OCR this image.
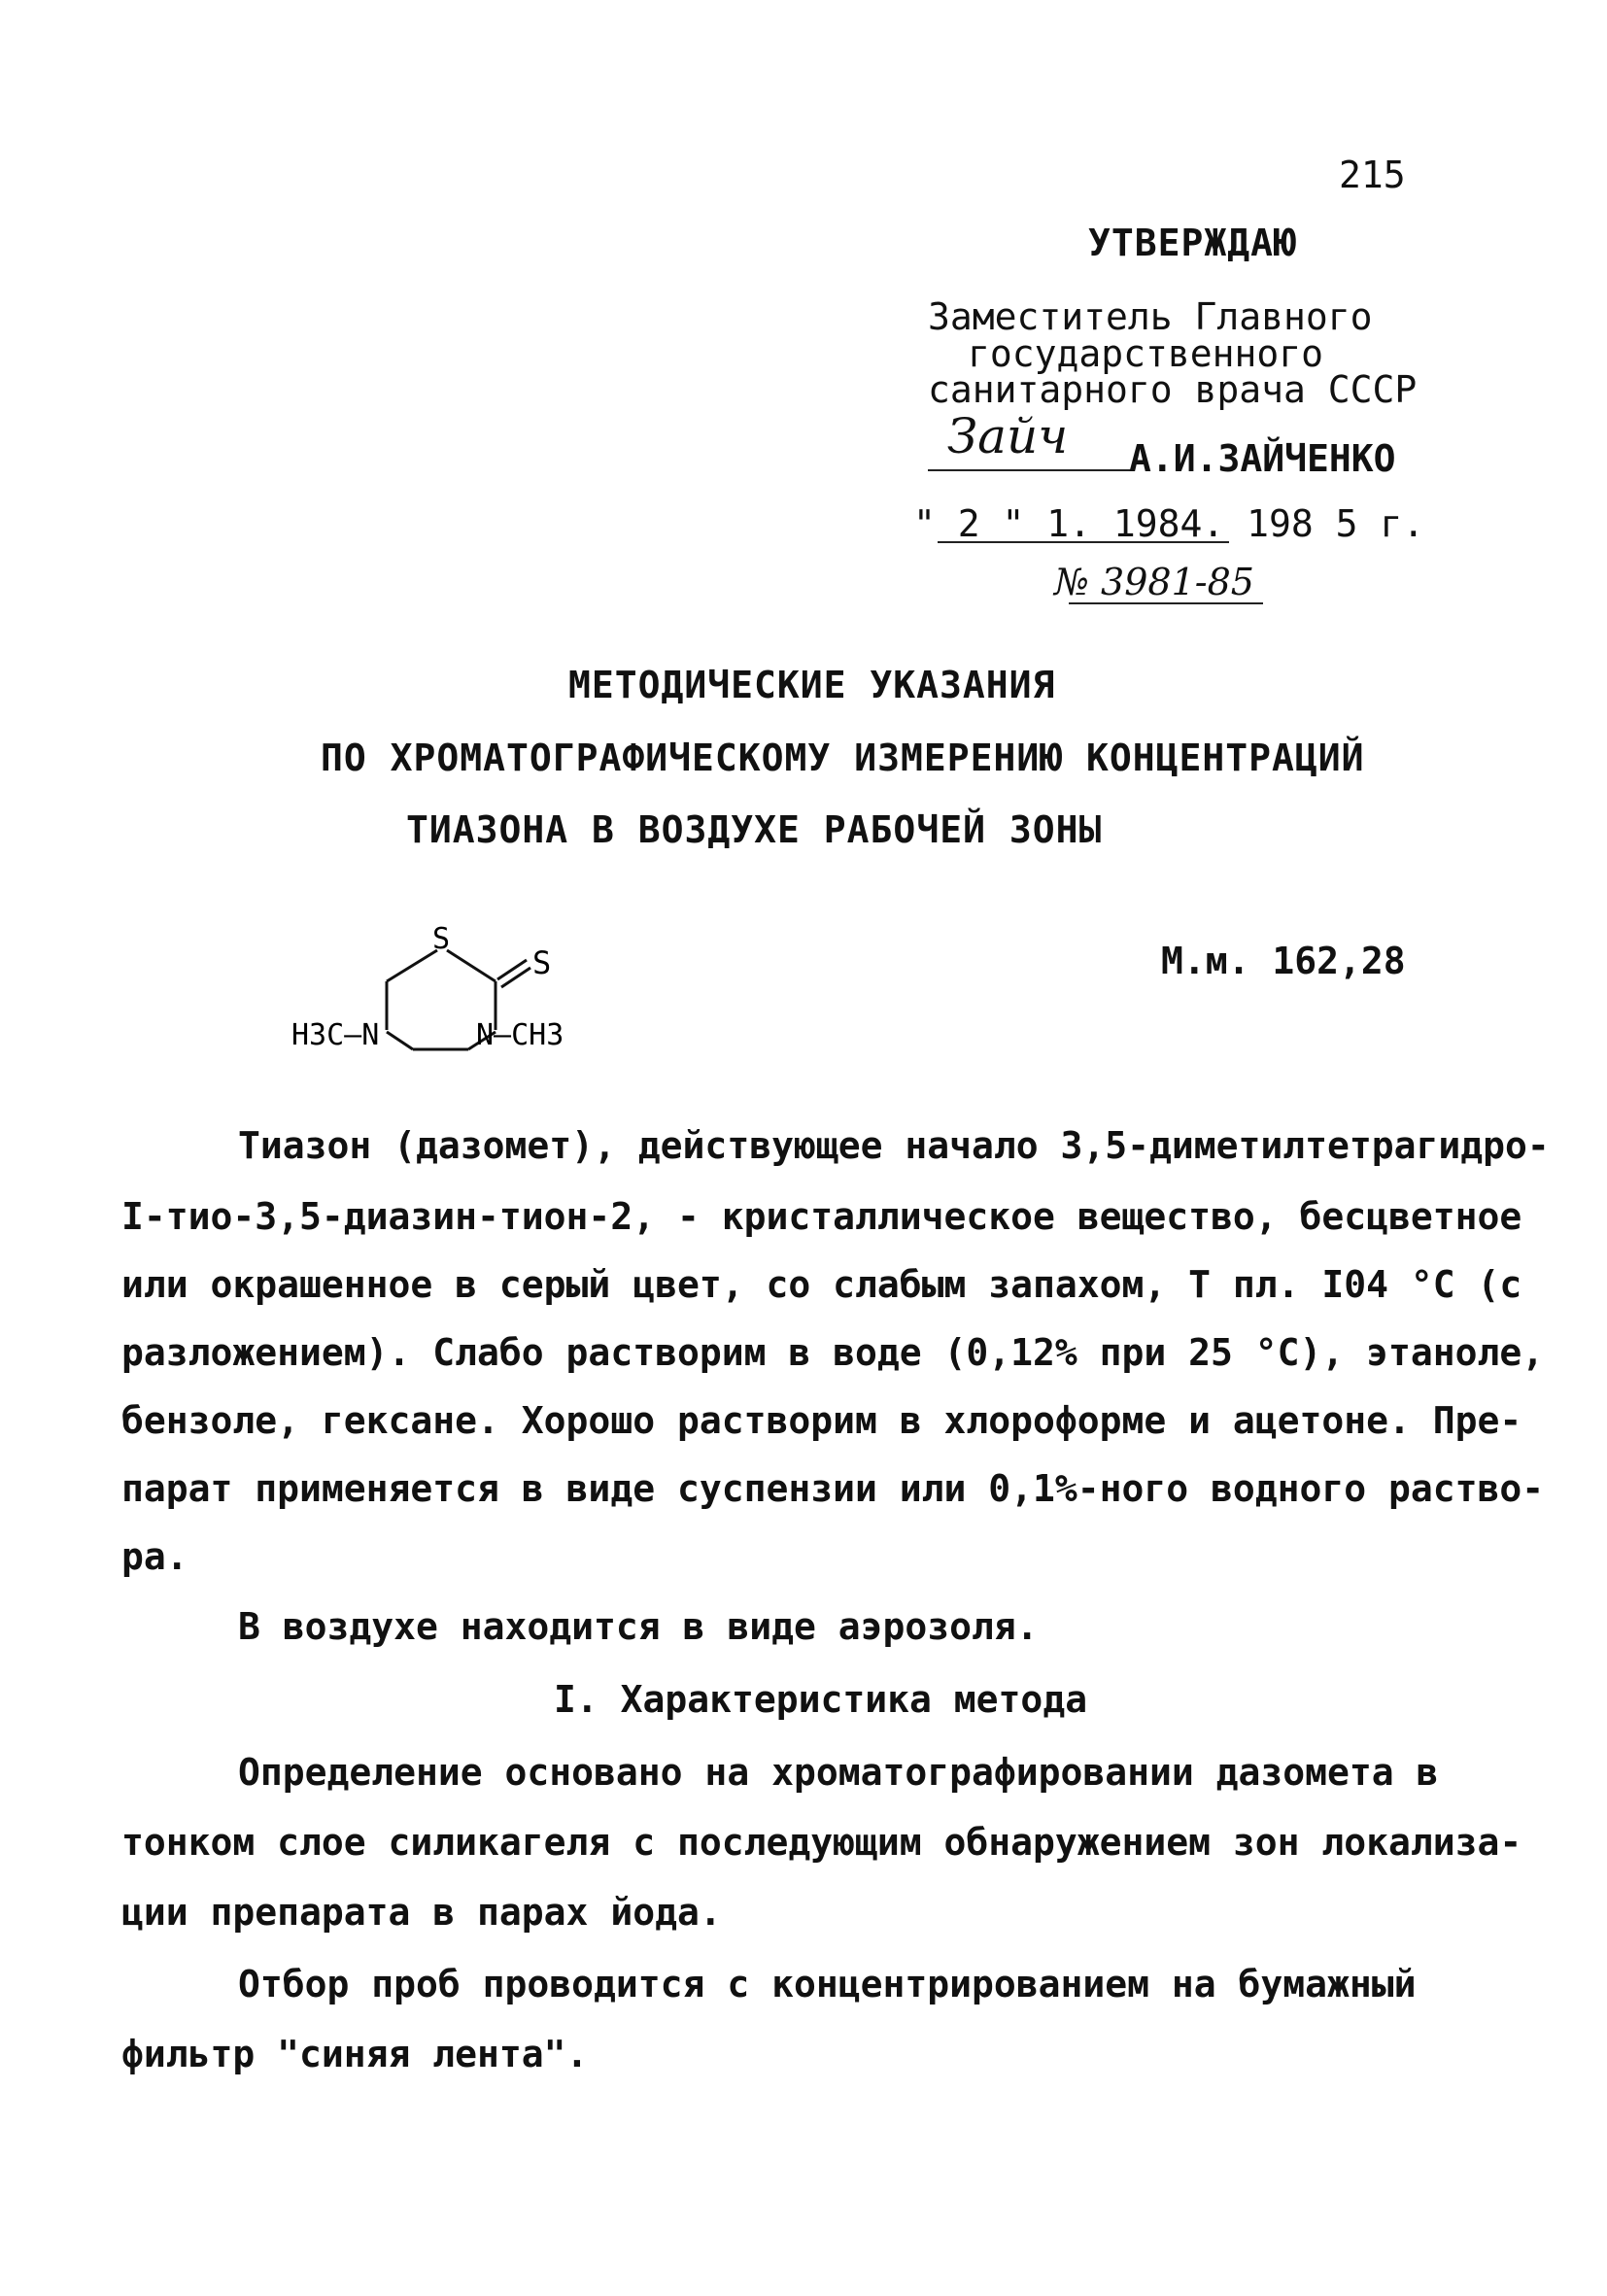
215
УТВЕРЖДАЮ
Заместитель Главного
государственного
санитарного врача СССР
Зайч А.И.ЗАЙЧЕНКО
" 2 " 1. 1984. 198 5 г.
№ 3981-85
МЕТОДИЧЕСКИЕ УКАЗАНИЯ
ПО ХРОМАТОГРАФИЧЕСКОМУ ИЗМЕРЕНИЮ КОНЦЕНТРАЦИЙ
ТИАЗОНА В ВОЗДУХЕ РАБОЧЕЙ ЗОНЫ
S
S
H3C—N	N—CH3
М.м. 162,28
Тиазон (дазомет), действующее начало 3,5-диметилтетрагидро-
I-тио-3,5-диазин-тион-2, - кристаллическое вещество, бесцветное
или окрашенное в серый цвет, со слабым запахом, Т пл. I04 °С (с
разложением). Слабо растворим в воде (0,12% при 25 °С), этаноле,
бензоле, гексане. Хорошо растворим в хлороформе и ацетоне. Пре-
парат применяется в виде суспензии или 0,1%-ного водного раство-
ра.
В воздухе находится в виде аэрозоля.
I. Характеристика метода
Определение основано на хроматографировании дазомета в
тонком слое силикагеля с последующим обнаружением зон локализа-
ции препарата в парах йода.
Отбор проб проводится с концентрированием на бумажный
фильтр "синяя лента".
